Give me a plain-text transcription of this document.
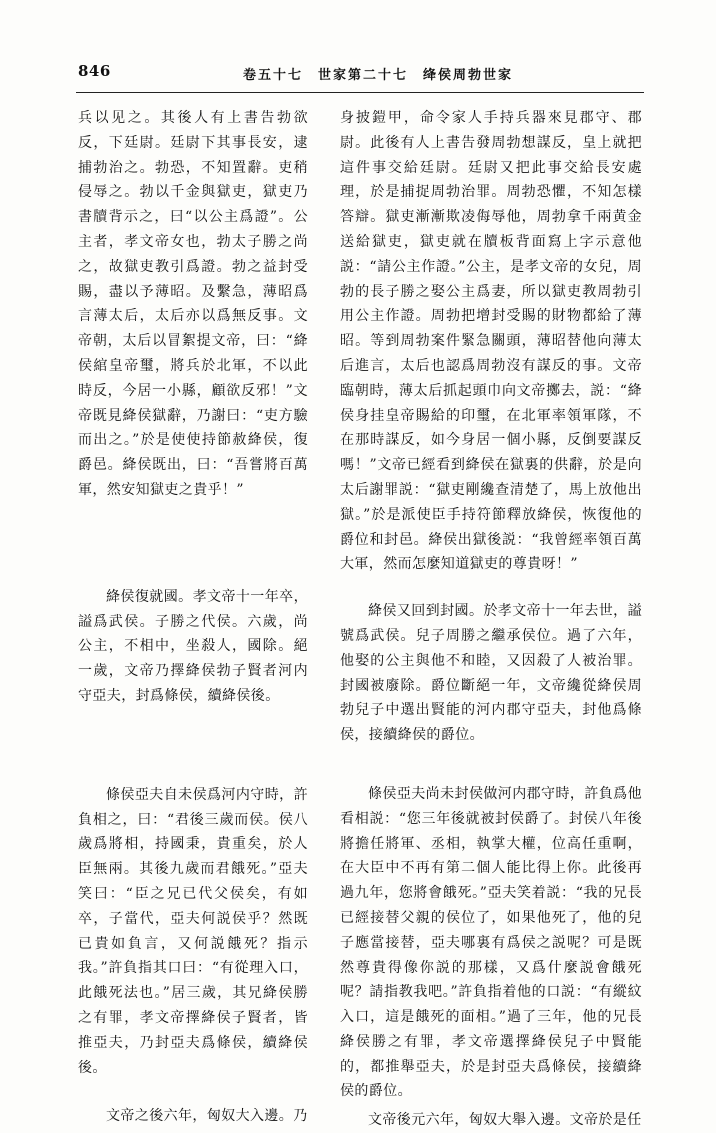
846	卷五十七　世家第二十七　绛侯周勃世家

兵以见之。其後人有上書告勃欲反，下廷尉。廷尉下其事長安，逮捕勃治之。勃恐，不知置辭。吏稍侵辱之。勃以千金與獄吏，獄吏乃書牘背示之，曰“以公主爲證”。公主者，孝文帝女也，勃太子勝之尚之，故獄吏教引爲證。勃之益封受賜，盡以予薄昭。及繫急，薄昭爲言薄太后，太后亦以爲無反事。文帝朝，太后以冒絮提文帝，曰：“絳侯綰皇帝璽，將兵於北軍，不以此時反，今居一小縣，顧欲反邪！”文帝既見絳侯獄辭，乃謝曰：“吏方驗而出之。”於是使使持節赦絳侯，復爵邑。絳侯既出，曰：“吾嘗將百萬軍，然安知獄吏之貴乎！”

絳侯復就國。孝文帝十一年卒，謚爲武侯。子勝之代侯。六歲，尚公主，不相中，坐殺人，國除。絕一歲，文帝乃擇絳侯勃子賢者河内守亞夫，封爲條侯，續絳侯後。

條侯亞夫自未侯爲河内守時，許負相之，曰：“君後三歲而侯。侯八歲爲將相，持國秉，貴重矣，於人臣無兩。其後九歲而君餓死。”亞夫笑曰：“臣之兄已代父侯矣，有如卒，子當代，亞夫何説侯乎？然既已貴如負言，又何説餓死？指示我。”許負指其口曰：“有從理入口，此餓死法也。”居三歲，其兄絳侯勝之有罪，孝文帝擇絳侯子賢者，皆推亞夫，乃封亞夫爲條侯，續絳侯後。

文帝之後六年，匈奴大入邊。乃

身披鎧甲，命令家人手持兵器來見郡守、郡尉。此後有人上書告發周勃想謀反，皇上就把這件事交給廷尉。廷尉又把此事交給長安處理，於是捕捉周勃治罪。周勃恐懼，不知怎樣答辯。獄吏漸漸欺凌侮辱他，周勃拿千兩黄金送給獄吏，獄吏就在牘板背面寫上字示意他説：“請公主作證。”公主，是孝文帝的女兒，周勃的長子勝之娶公主爲妻，所以獄吏教周勃引用公主作證。周勃把增封受賜的財物都給了薄昭。等到周勃案件緊急關頭，薄昭替他向薄太后進言，太后也認爲周勃沒有謀反的事。文帝臨朝時，薄太后抓起頭巾向文帝擲去，説：“絳侯身挂皇帝賜給的印璽，在北軍率領軍隊，不在那時謀反，如今身居一個小縣，反倒要謀反嗎！”文帝已經看到絳侯在獄裏的供辭，於是向太后謝罪説：“獄吏剛纔查清楚了，馬上放他出獄。”於是派使臣手持符節釋放絳侯，恢復他的爵位和封邑。絳侯出獄後説：“我曾經率領百萬大軍，然而怎麼知道獄吏的尊貴呀！”

絳侯又回到封國。於孝文帝十一年去世，謚號爲武侯。兒子周勝之繼承侯位。過了六年，他娶的公主與他不和睦，又因殺了人被治罪。封國被廢除。爵位斷絕一年，文帝纔從絳侯周勃兒子中選出賢能的河内郡守亞夫，封他爲條侯，接續絳侯的爵位。

條侯亞夫尚未封侯做河内郡守時，許負爲他看相説：“您三年後就被封侯爵了。封侯八年後將擔任將軍、丞相，執掌大權，位高任重啊，在大臣中不再有第二個人能比得上你。此後再過九年，您將會餓死。”亞夫笑着説：“我的兄長已經接替父親的侯位了，如果他死了，他的兒子應當接替，亞夫哪裏有爲侯之説呢？可是既然尊貴得像你説的那樣，又爲什麼説會餓死呢？請指教我吧。”許負指着他的口説：“有縱紋入口，這是餓死的面相。”過了三年，他的兄長絳侯勝之有罪，孝文帝選擇絳侯兒子中賢能的，都推舉亞夫，於是封亞夫爲條侯，接續絳侯的爵位。

文帝後元六年，匈奴大舉入邊。文帝於是任
